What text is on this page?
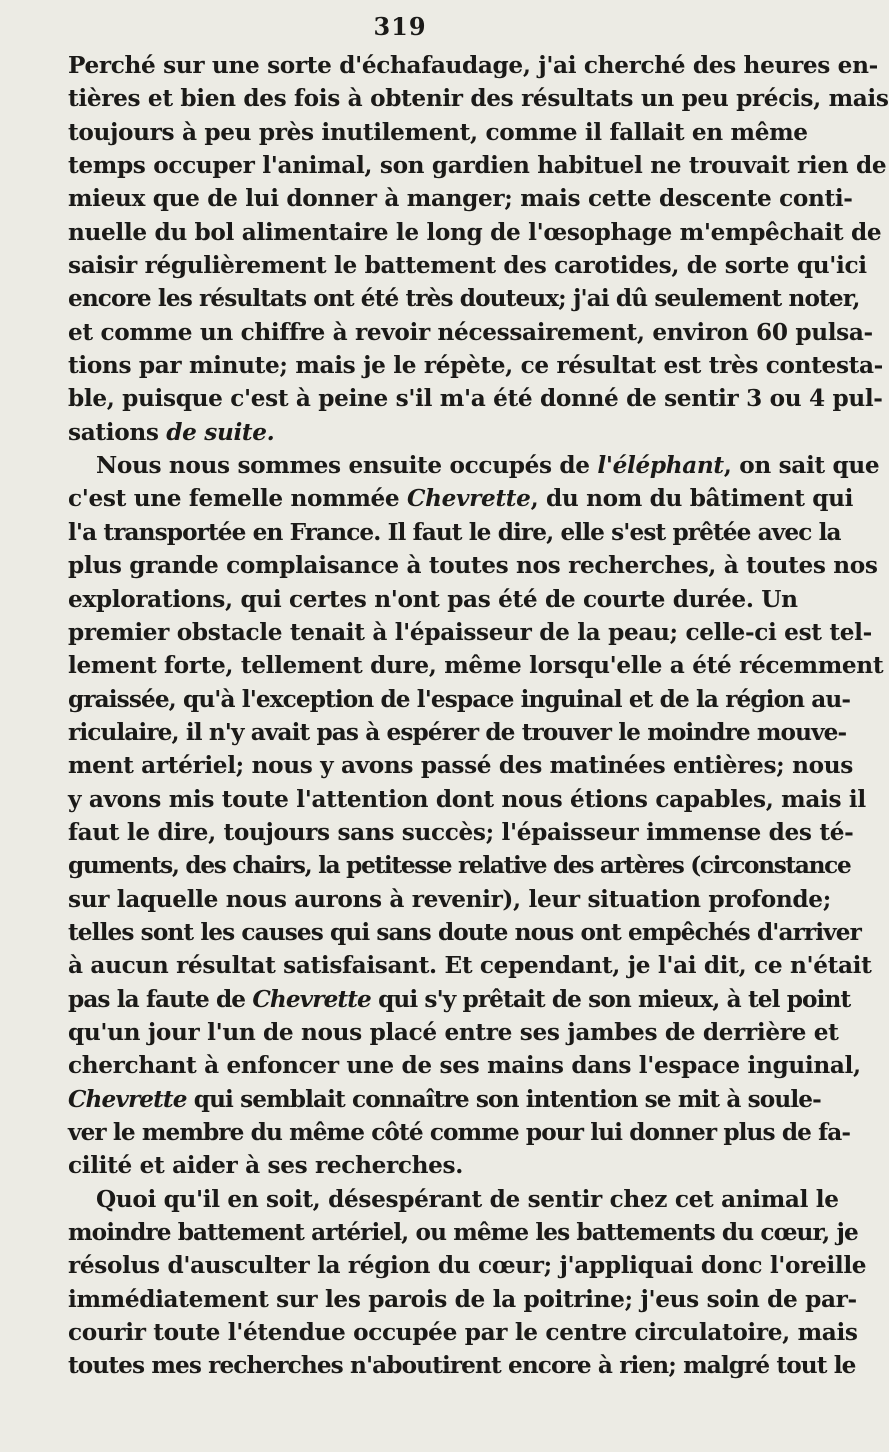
319
Perché sur une sorte d'échafaudage, j'ai cherché des heures en-
tières et bien des fois à obtenir des résultats un peu précis, mais
toujours à peu près inutilement, comme il fallait en même
temps occuper l'animal, son gardien habituel ne trouvait rien de
mieux que de lui donner à manger; mais cette descente conti-
nuelle du bol alimentaire le long de l'œsophage m'empêchait de
saisir régulièrement le battement des carotides, de sorte qu'ici
encore les résultats ont été très douteux; j'ai dû seulement noter,
et comme un chiffre à revoir nécessairement, environ 60 pulsa-
tions par minute; mais je le répète, ce résultat est très contesta-
ble, puisque c'est à peine s'il m'a été donné de sentir 3 ou 4 pul-
sations de suite.
Nous nous sommes ensuite occupés de l'éléphant, on sait que
c'est une femelle nommée Chevrette, du nom du bâtiment qui
l'a transportée en France. Il faut le dire, elle s'est prêtée avec la
plus grande complaisance à toutes nos recherches, à toutes nos
explorations, qui certes n'ont pas été de courte durée. Un
premier obstacle tenait à l'épaisseur de la peau; celle-ci est tel-
lement forte, tellement dure, même lorsqu'elle a été récemment
graissée, qu'à l'exception de l'espace inguinal et de la région au-
riculaire, il n'y avait pas à espérer de trouver le moindre mouve-
ment artériel; nous y avons passé des matinées entières; nous
y avons mis toute l'attention dont nous étions capables, mais il
faut le dire, toujours sans succès; l'épaisseur immense des té-
guments, des chairs, la petitesse relative des artères (circonstance
sur laquelle nous aurons à revenir), leur situation profonde;
telles sont les causes qui sans doute nous ont empêchés d'arriver
à aucun résultat satisfaisant. Et cependant, je l'ai dit, ce n'était
pas la faute de Chevrette qui s'y prêtait de son mieux, à tel point
qu'un jour l'un de nous placé entre ses jambes de derrière et
cherchant à enfoncer une de ses mains dans l'espace inguinal,
Chevrette qui semblait connaître son intention se mit à soule-
ver le membre du même côté comme pour lui donner plus de fa-
cilité et aider à ses recherches.
Quoi qu'il en soit, désespérant de sentir chez cet animal le
moindre battement artériel, ou même les battements du cœur, je
résolus d'ausculter la région du cœur; j'appliquai donc l'oreille
immédiatement sur les parois de la poitrine; j'eus soin de par-
courir toute l'étendue occupée par le centre circulatoire, mais
toutes mes recherches n'aboutirent encore à rien; malgré tout le
